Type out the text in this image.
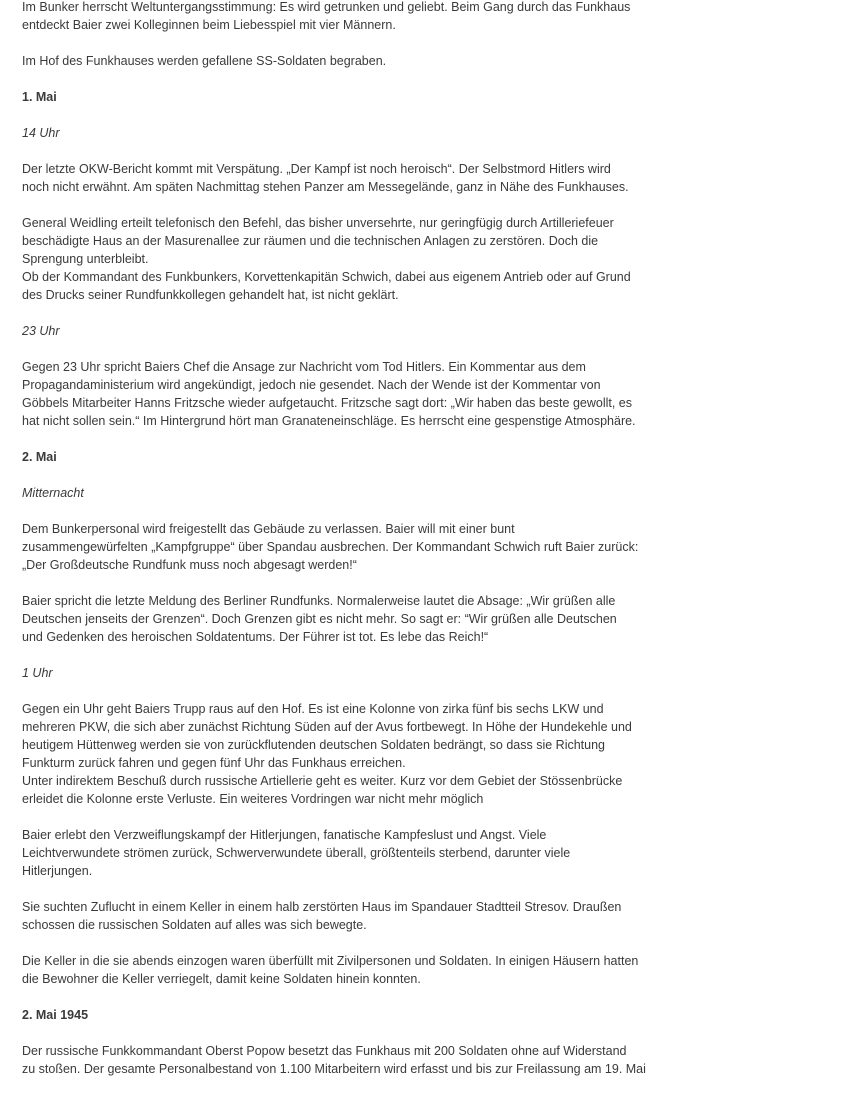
Im Bunker herrscht Weltuntergangsstimmung: Es wird getrunken und geliebt. Beim Gang durch das Funkhaus
entdeckt Baier zwei Kolleginnen beim Liebesspiel mit vier Männern.

Im Hof des Funkhauses werden gefallene SS-Soldaten begraben.

1. Mai

14 Uhr

Der letzte OKW-Bericht kommt mit Verspätung. „Der Kampf ist noch heroisch“. Der Selbstmord Hitlers wird
noch nicht erwähnt. Am späten Nachmittag stehen Panzer am Messegelände, ganz in Nähe des Funkhauses.

General Weidling erteilt telefonisch den Befehl, das bisher unversehrte, nur geringfügig durch Artilleriefeuer
beschädigte Haus an der Masurenallee zur räumen und die technischen Anlagen zu zerstören. Doch die
Sprengung unterbleibt.
Ob der Kommandant des Funkbunkers, Korvettenkapitän Schwich, dabei aus eigenem Antrieb oder auf Grund
des Drucks seiner Rundfunkkollegen gehandelt hat, ist nicht geklärt.

23 Uhr

Gegen 23 Uhr spricht Baiers Chef die Ansage zur Nachricht vom Tod Hitlers. Ein Kommentar aus dem
Propagandaministerium wird angekündigt, jedoch nie gesendet. Nach der Wende ist der Kommentar von
Göbbels Mitarbeiter Hanns Fritzsche wieder aufgetaucht. Fritzsche sagt dort: „Wir haben das beste gewollt, es
hat nicht sollen sein.“ Im Hintergrund hört man Granateneinschläge. Es herrscht eine gespenstige Atmosphäre.

2. Mai

Mitternacht

Dem Bunkerpersonal wird freigestellt das Gebäude zu verlassen. Baier will mit einer bunt
zusammengewürfelten „Kampfgruppe“ über Spandau ausbrechen. Der Kommandant Schwich ruft Baier zurück:
„Der Großdeutsche Rundfunk muss noch abgesagt werden!“

Baier spricht die letzte Meldung des Berliner Rundfunks. Normalerweise lautet die Absage: „Wir grüßen alle
Deutschen jenseits der Grenzen“. Doch Grenzen gibt es nicht mehr. So sagt er: “Wir grüßen alle Deutschen
und Gedenken des heroischen Soldatentums. Der Führer ist tot. Es lebe das Reich!“

1 Uhr

Gegen ein Uhr geht Baiers Trupp raus auf den Hof. Es ist eine Kolonne von zirka fünf bis sechs LKW und
mehreren PKW, die sich aber zunächst Richtung Süden auf der Avus fortbewegt. In Höhe der Hundekehle und
heutigem Hüttenweg werden sie von zurückflutenden deutschen Soldaten bedrängt, so dass sie Richtung
Funkturm zurück fahren und gegen fünf Uhr das Funkhaus erreichen.
Unter indirektem Beschuß durch russische Artiellerie geht es weiter. Kurz vor dem Gebiet der Stössenbrücke
erleidet die Kolonne erste Verluste. Ein weiteres Vordringen war nicht mehr möglich

Baier erlebt den Verzweiflungskampf der Hitlerjungen, fanatische Kampfeslust und Angst. Viele
Leichtverwundete strömen zurück, Schwerverwundete überall, größtenteils sterbend, darunter viele
Hitlerjungen.

Sie suchten Zuflucht in einem Keller in einem halb zerstörten Haus im Spandauer Stadtteil Stresov. Draußen
schossen die russischen Soldaten auf alles was sich bewegte.

Die Keller in die sie abends einzogen waren überfüllt mit Zivilpersonen und Soldaten. In einigen Häusern hatten
die Bewohner die Keller verriegelt, damit keine Soldaten hinein konnten.

2. Mai 1945

Der russische Funkkommandant Oberst Popow besetzt das Funkhaus mit 200 Soldaten ohne auf Widerstand
zu stoßen. Der gesamte Personalbestand von 1.100 Mitarbeitern wird erfasst und bis zur Freilassung am 19. Mai
